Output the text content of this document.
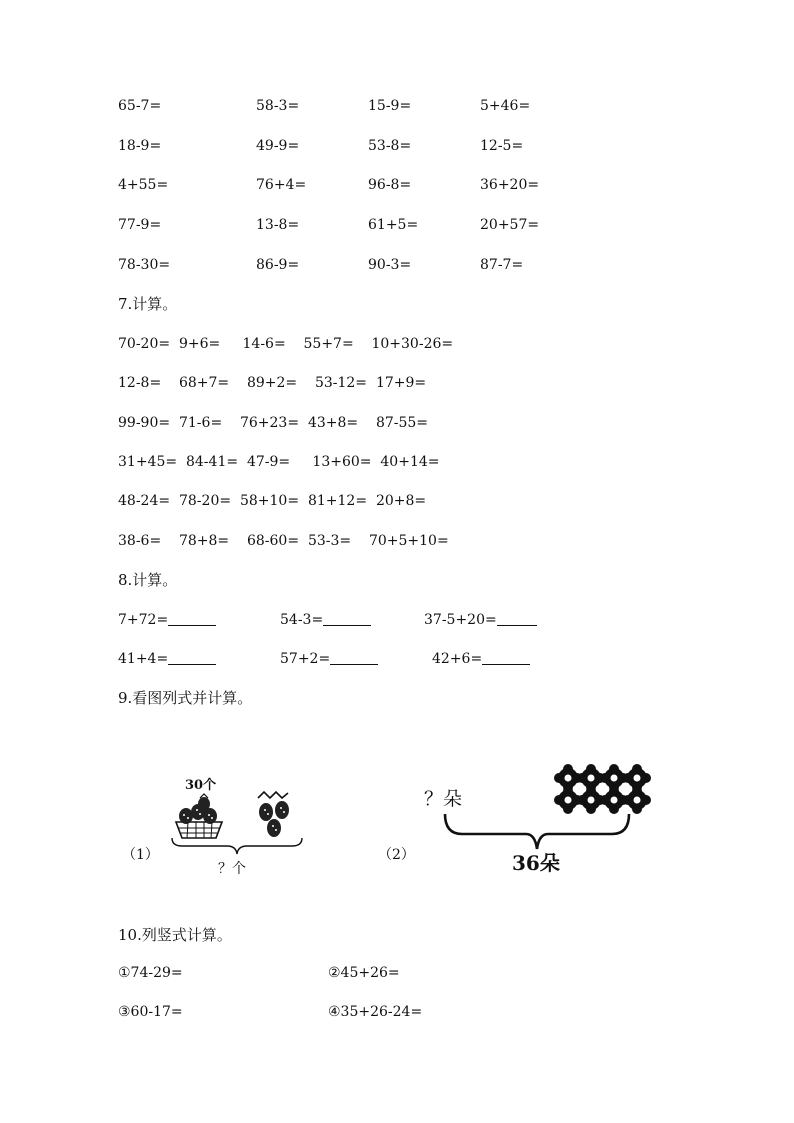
65-7=	58-3=	15-9=	5+46=
18-9=	49-9=	53-8=	12-5=
4+55=	76+4=	96-8=	36+20=
77-9=	13-8=	61+5=	20+57=
78-30=	86-9=	90-3=	87-7=
7.计算。
70-20=  9+6=     14-6=    55+7=    10+30-26=
12-8=    68+7=    89+2=    53-12=  17+9=
99-90=  71-6=    76+23=  43+8=    87-55=
31+45=  84-41=  47-9=     13+60=  40+14=
48-24=  78-20=  58+10=  81+12=  20+8=
38-6=    78+8=    68-60=  53-3=    70+5+10=
8.计算。
7+72=	54-3=	37-5+20=
41+4=	57+2=	42+6=
9.看图列式并计算。
（1）
30个
？个
（2）
？朵
36朵
10.列竖式计算。
①74-29=	②45+26=
③60-17=	④35+26-24=
